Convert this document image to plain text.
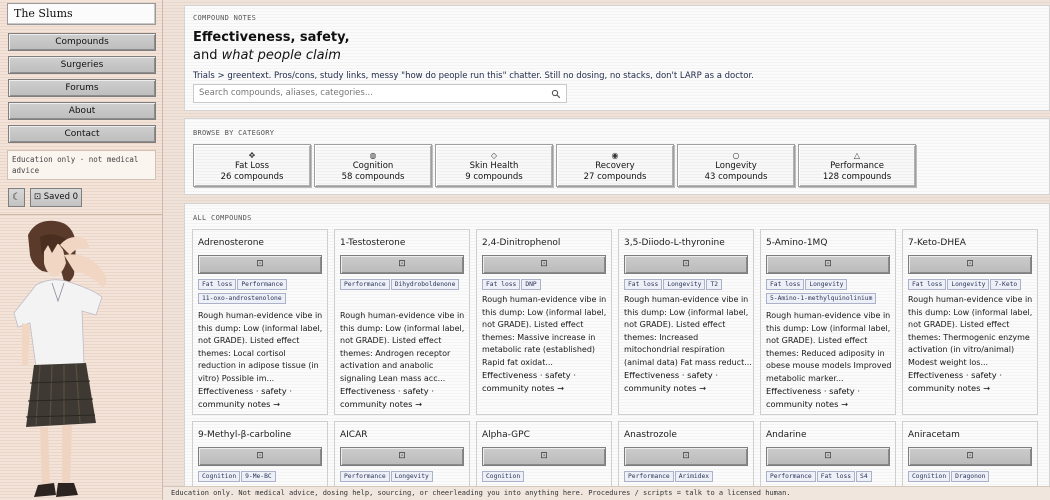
The Slums
Compounds
Surgeries
Forums
About
Contact
Education only · not medical advice
☾	⊡ Saved 0
COMPOUND NOTES
Effectiveness, safety,
and what people claim
Trials > greentext. Pros/cons, study links, messy "how do people run this" chatter. Still no dosing, no stacks, don't LARP as a doctor.
Search compounds, aliases, categories...
BROWSE BY CATEGORY
✥
Fat Loss
26 compounds
◍
Cognition
58 compounds
◇
Skin Health
9 compounds
◉
Recovery
27 compounds
○
Longevity
43 compounds
△
Performance
128 compounds
ALL COMPOUNDS
Adrenosterone
⊡
Fat loss Performance11-oxo-androstenolone
Rough human-evidence vibe in this dump: Low (informal label, not GRADE). Listed effect themes: Local cortisol reduction in adipose tissue (in vitro) Possible im...
Effectiveness · safety · community notes →
1-Testosterone
⊡
Performance Dihydroboldenone
Rough human-evidence vibe in this dump: Low (informal label, not GRADE). Listed effect themes: Androgen receptor activation and anabolic signaling Lean mass acc...
Effectiveness · safety · community notes →
2,4-Dinitrophenol
⊡
Fat loss DNP
Rough human-evidence vibe in this dump: Low (informal label, not GRADE). Listed effect themes: Massive increase in metabolic rate (established) Rapid fat oxidat...
Effectiveness · safety · community notes →
3,5-Diiodo-L-thyronine
⊡
Fat loss Longevity T2
Rough human-evidence vibe in this dump: Low (informal label, not GRADE). Listed effect themes: Increased mitochondrial respiration (animal data) Fat mass reduct...
Effectiveness · safety · community notes →
5-Amino-1MQ
⊡
Fat loss Longevity5-Amino-1-methylquinolinium
Rough human-evidence vibe in this dump: Low (informal label, not GRADE). Listed effect themes: Reduced adiposity in obese mouse models Improved metabolic marker...
Effectiveness · safety · community notes →
7-Keto-DHEA
⊡
Fat loss Longevity 7-Keto
Rough human-evidence vibe in this dump: Low (informal label, not GRADE). Listed effect themes: Thermogenic enzyme activation (in vitro/animal) Modest weight los...
Effectiveness · safety · community notes →
9-Methyl-β-carboline
⊡
Cognition 9-Me-BC
AICAR
⊡
Performance Longevity
Alpha-GPC
⊡
Cognition
Anastrozole
⊡
Performance Arimidex
Andarine
⊡
Performance Fat loss S4
Aniracetam
⊡
Cognition Dragonon
Education only. Not medical advice, dosing help, sourcing, or cheerleading you into anything here. Procedures / scripts = talk to a licensed human.
